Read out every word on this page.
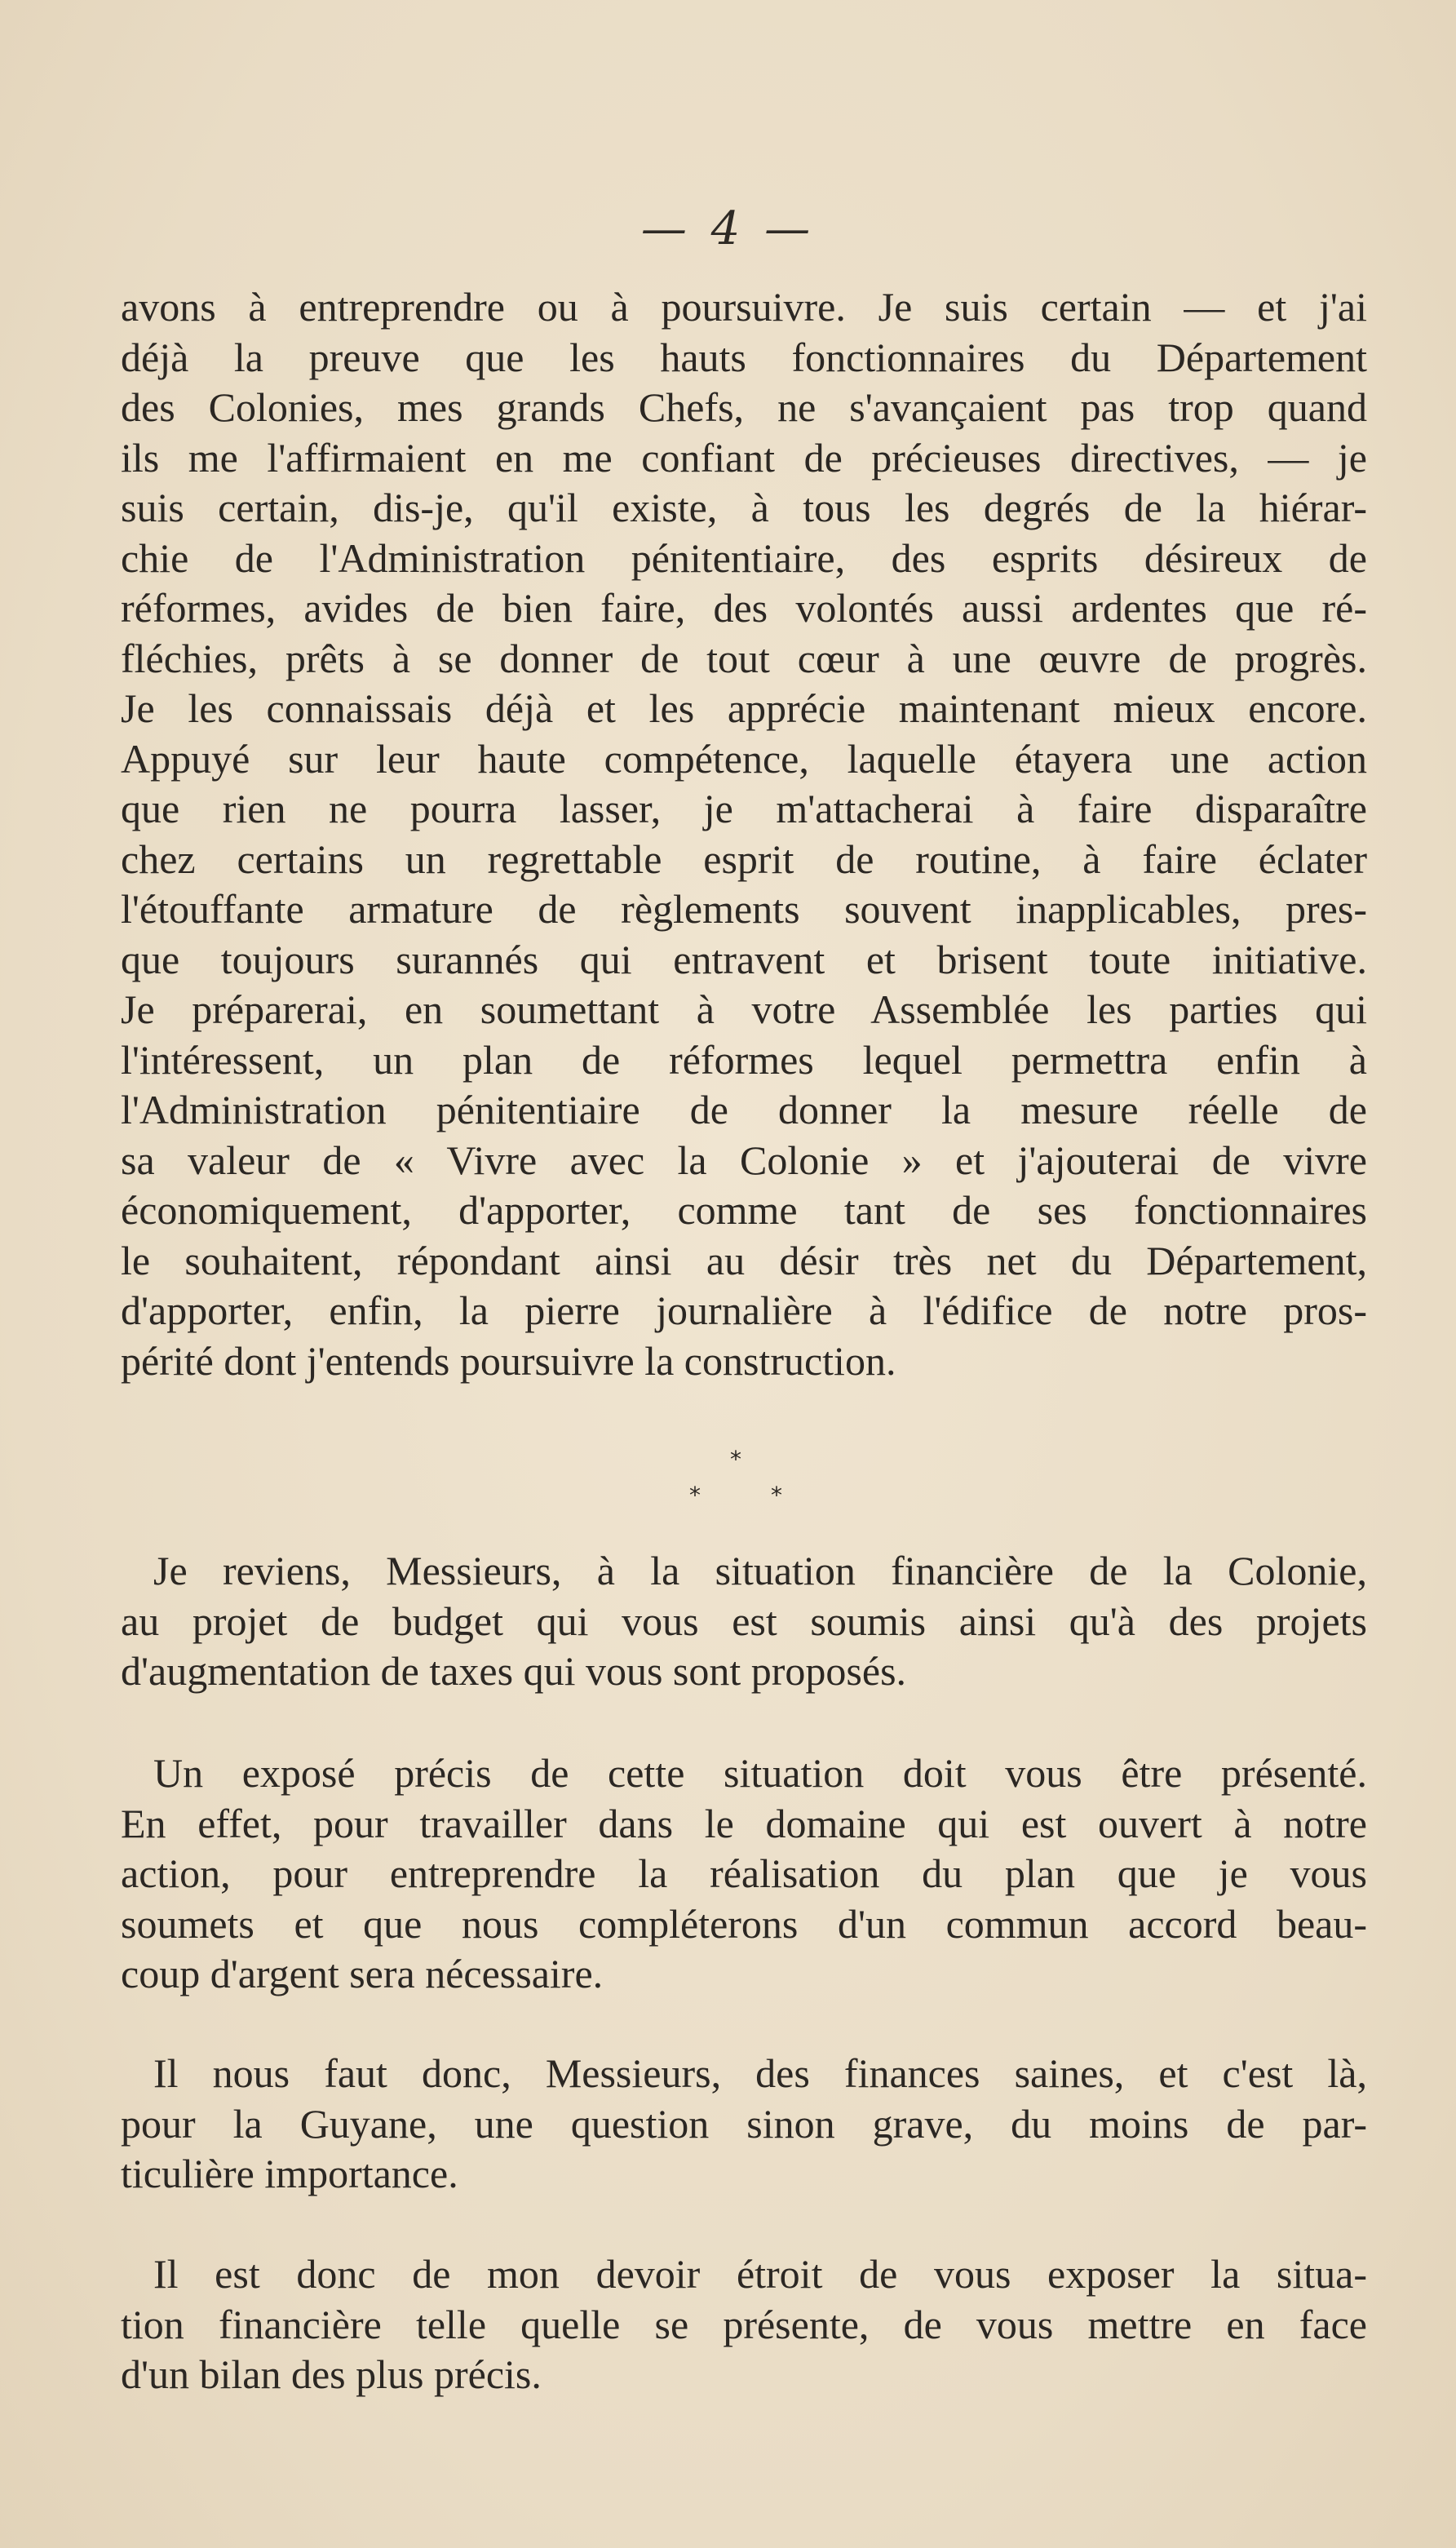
— 4 —
avons à entreprendre ou à poursuivre. Je suis certain — et j'ai
déjà la preuve que les hauts fonctionnaires du Département
des Colonies, mes grands Chefs, ne s'avançaient pas trop quand
ils me l'affirmaient en me confiant de précieuses directives, — je
suis certain, dis-je, qu'il existe, à tous les degrés de la hiérar-
chie de l'Administration pénitentiaire, des esprits désireux de
réformes, avides de bien faire, des volontés aussi ardentes que ré-
fléchies, prêts à se donner de tout cœur à une œuvre de progrès.
Je les connaissais déjà et les apprécie maintenant mieux encore.
Appuyé sur leur haute compétence, laquelle étayera une action
que rien ne pourra lasser, je m'attacherai à faire disparaître
chez certains un regrettable esprit de routine, à faire éclater
l'étouffante armature de règlements souvent inapplicables, pres-
que toujours surannés qui entravent et brisent toute initiative.
Je préparerai, en soumettant à votre Assemblée les parties qui
l'intéressent, un plan de réformes lequel permettra enfin à
l'Administration pénitentiaire de donner la mesure réelle de
sa valeur de « Vivre avec la Colonie » et j'ajouterai de vivre
économiquement, d'apporter, comme tant de ses fonctionnaires
le souhaitent, répondant ainsi au désir très net du Département,
d'apporter, enfin, la pierre journalière à l'édifice de notre pros-
périté dont j'entends poursuivre la construction.
*
*	*
Je reviens, Messieurs, à la situation financière de la Colonie,
au projet de budget qui vous est soumis ainsi qu'à des projets
d'augmentation de taxes qui vous sont proposés.
Un exposé précis de cette situation doit vous être présenté.
En effet, pour travailler dans le domaine qui est ouvert à notre
action, pour entreprendre la réalisation du plan que je vous
soumets et que nous compléterons d'un commun accord beau-
coup d'argent sera nécessaire.
Il nous faut donc, Messieurs, des finances saines, et c'est là,
pour la Guyane, une question sinon grave, du moins de par-
ticulière importance.
Il est donc de mon devoir étroit de vous exposer la situa-
tion financière telle quelle se présente, de vous mettre en face
d'un bilan des plus précis.
